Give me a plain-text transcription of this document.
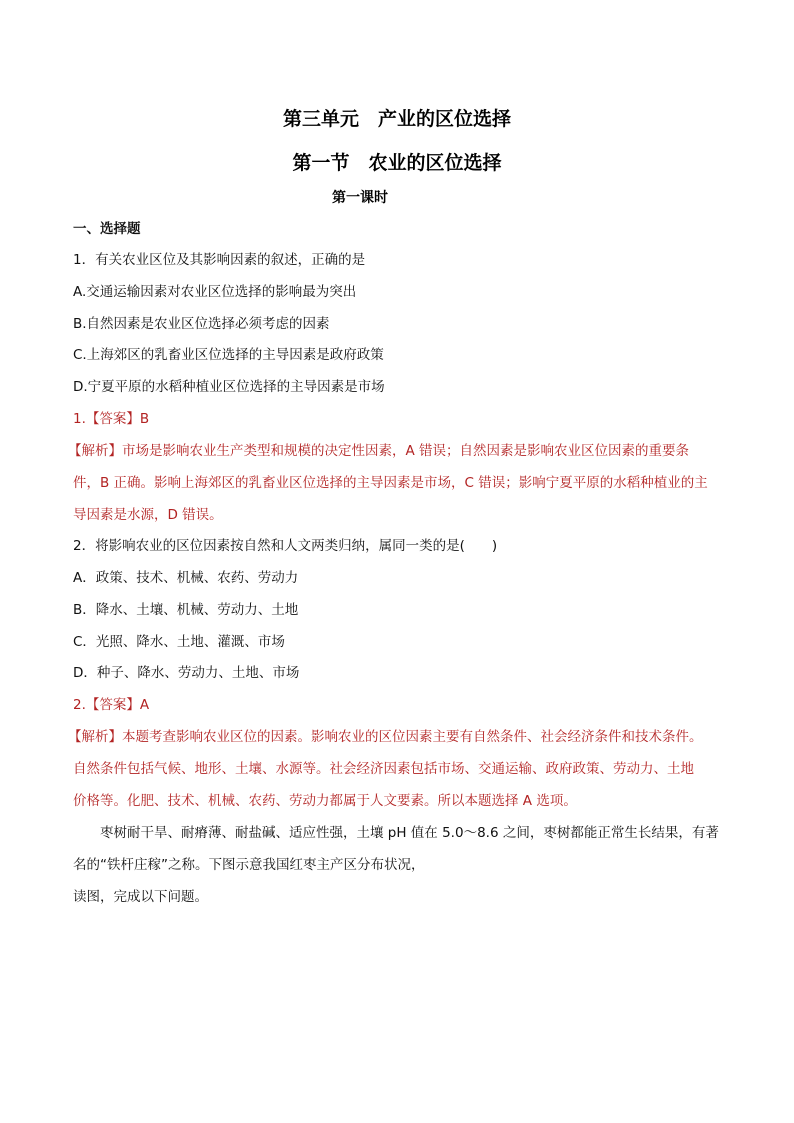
第三单元　产业的区位选择
第一节　农业的区位选择
第一课时
一、选择题
1．有关农业区位及其影响因素的叙述，正确的是
A.交通运输因素对农业区位选择的影响最为突出
B.自然因素是农业区位选择必须考虑的因素
C.上海郊区的乳畜业区位选择的主导因素是政府政策
D.宁夏平原的水稻种植业区位选择的主导因素是市场
1.【答案】B
【解析】市场是影响农业生产类型和规模的决定性因素，A 错误；自然因素是影响农业区位因素的重要条
件，B 正确。影响上海郊区的乳畜业区位选择的主导因素是市场，C 错误；影响宁夏平原的水稻种植业的主
导因素是水源，D 错误。
2．将影响农业的区位因素按自然和人文两类归纳，属同一类的是(　　)
A．政策、技术、机械、农药、劳动力
B．降水、土壤、机械、劳动力、土地
C．光照、降水、土地、灌溉、市场
D．种子、降水、劳动力、土地、市场
2.【答案】A
【解析】本题考查影响农业区位的因素。影响农业的区位因素主要有自然条件、社会经济条件和技术条件。
自然条件包括气候、地形、土壤、水源等。社会经济因素包括市场、交通运输、政府政策、劳动力、土地
价格等。化肥、技术、机械、农药、劳动力都属于人文要素。所以本题选择 A 选项。
　　枣树耐干旱、耐瘠薄、耐盐碱、适应性强，土壤 pH 值在 5.0～8.6 之间，枣树都能正常生长结果，有著
名的“铁杆庄稼”之称。下图示意我国红枣主产区分布状况，
读图，完成以下问题。
